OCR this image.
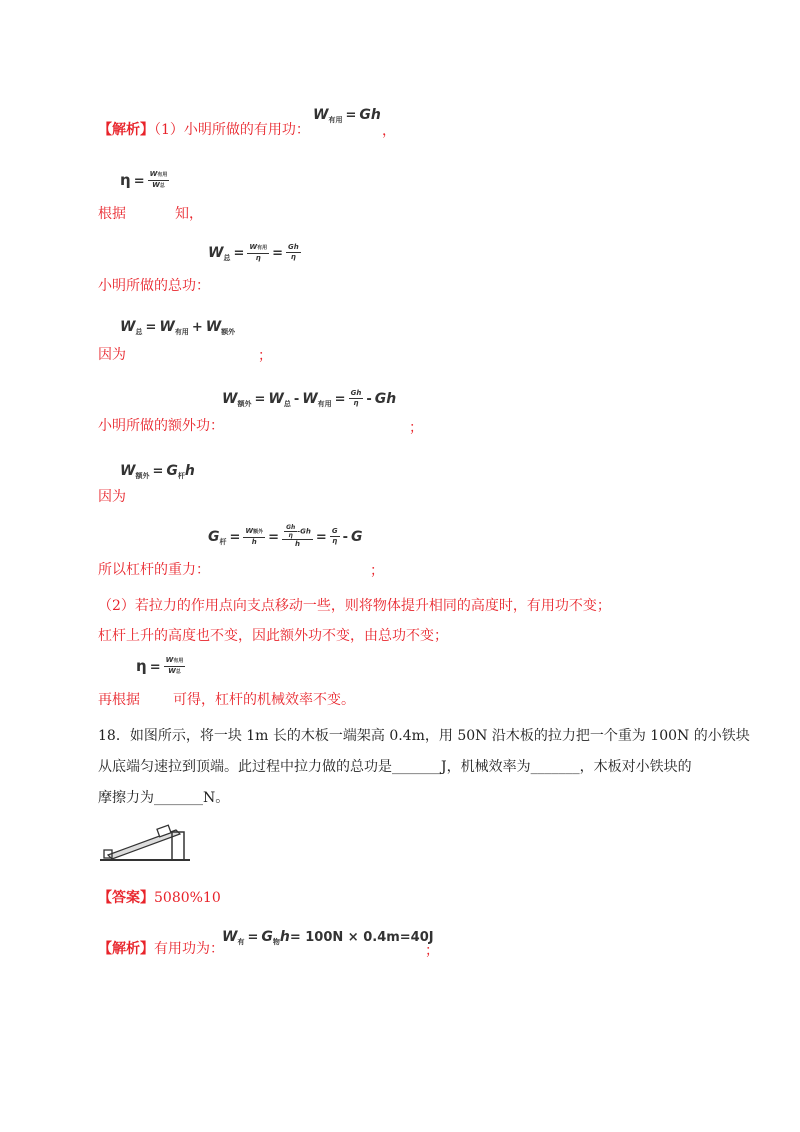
【解析】（1）小明所做的有用功：
$W_{有用} = Gh$
，
$\eta = \frac{\text{W有用}}{\text{W总}}$
根据	知，
$W_总 = \frac{\text{W有用}}{\eta} = \frac{Gh}{\eta}$
小明所做的总功：
$W_总 = W_{有用} + W_{额外}$
因为	；
$W_{额外} = W_总 - W_{有用} = \frac{Gh}{\eta} - Gh$
小明所做的额外功：	；
$W_{额外} = G_杆h$
因为
$G_杆 = \frac{\text{W额外}}{h} = \frac{\frac{Gh}{\eta} -Gh}{h} = \frac{G}{\eta} - G$
所以杠杆的重力：	；
（2）若拉力的作用点向支点移动一些，则将物体提升相同的高度时，有用功不变；
杠杆上升的高度也不变，因此额外功不变，由总功不变；
$\eta = \frac{\text{W有用}}{\text{W总}}$
再根据 可得，杠杆的机械效率不变。
18．如图所示，将一块 1m 长的木板一端架高 0.4m，用 50N 沿木板的拉力把一个重为 100N 的小铁块
从底端匀速拉到顶端。此过程中拉力做的总功是_______J，机械效率为_______，木板对小铁块的
摩擦力为_______N。
【答案】5080%10
【解析】有用功为：
$W_有 = G_物h= 100N \times 0.4m=40J$
；
